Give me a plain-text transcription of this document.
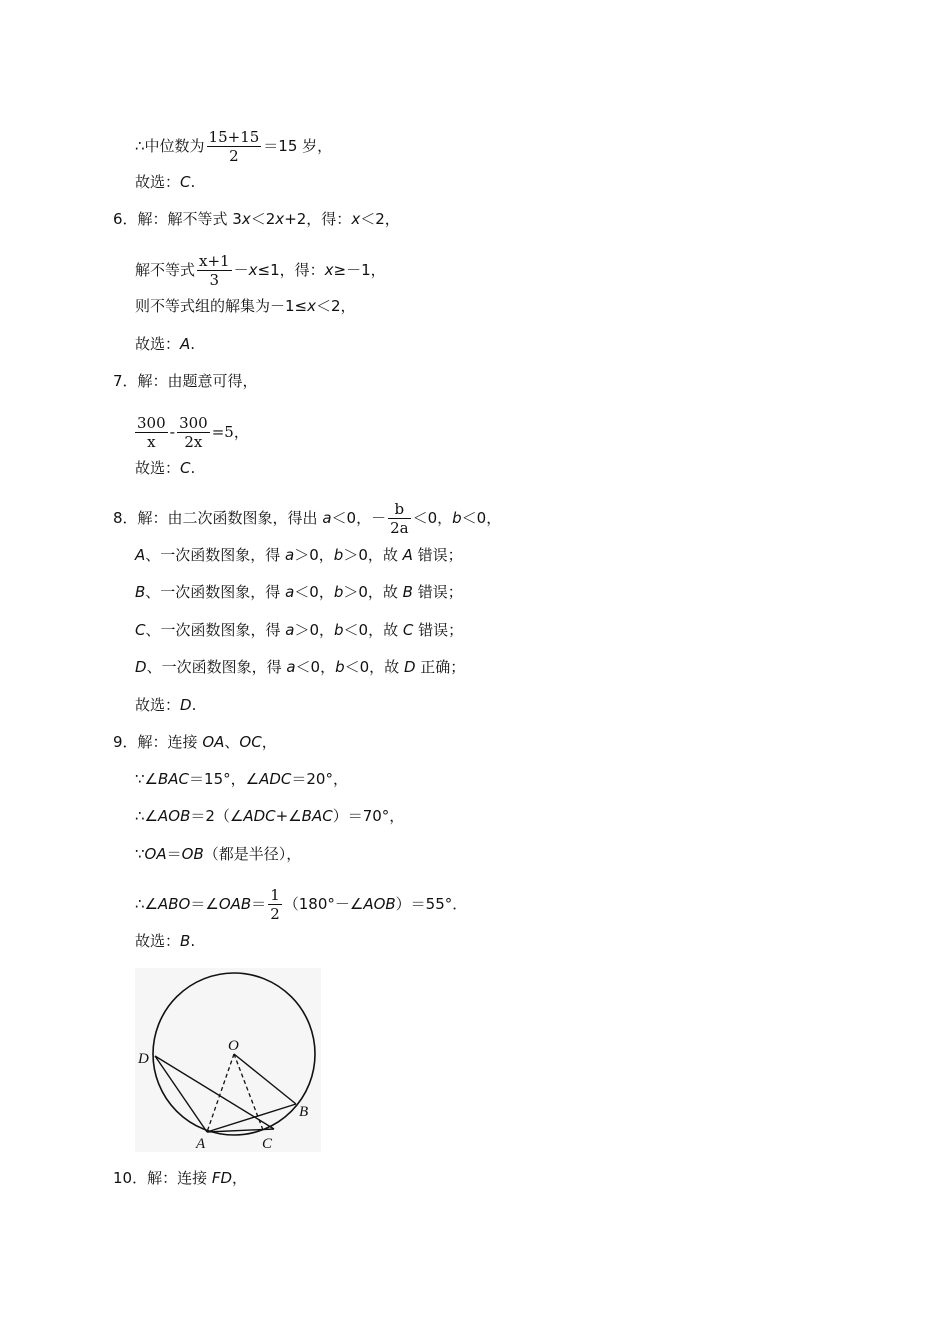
∴中位数为 $\frac{15+15}{2} =15$ 岁，
故选：C.
6．解：解不等式 3x＜2x+2，得：x＜2，
解不等式 $\frac{x+1}{3} -x\le 1$，得：x≥－1，
则不等式组的解集为－1≤x＜2，
故选：A.
7．解：由题意可得，
$\frac{300}{x} - \frac{300}{2x} =5$，
故选：C.
8．解：由二次函数图象，得出 a＜0，－ $\frac{b}{2a} <0$，b＜0，
A、一次函数图象，得 a＞0，b＞0，故 A 错误；
B、一次函数图象，得 a＜0，b＞0，故 B 错误；
C、一次函数图象，得 a＞0，b＜0，故 C 错误；
D、一次函数图象，得 a＜0，b＜0，故 D 正确；
故选：D.
9．解：连接 OA、OC，
∵∠BAC＝15°，∠ADC＝20°，
∴∠AOB＝2（∠ADC+∠BAC）＝70°，
∵OA＝OB（都是半径），
∴∠ABO＝∠OAB＝ $\frac{1}{2}$ （180°－∠AOB）＝55°．
故选：B.
O
D
A	C
B
10．解：连接 FD，
